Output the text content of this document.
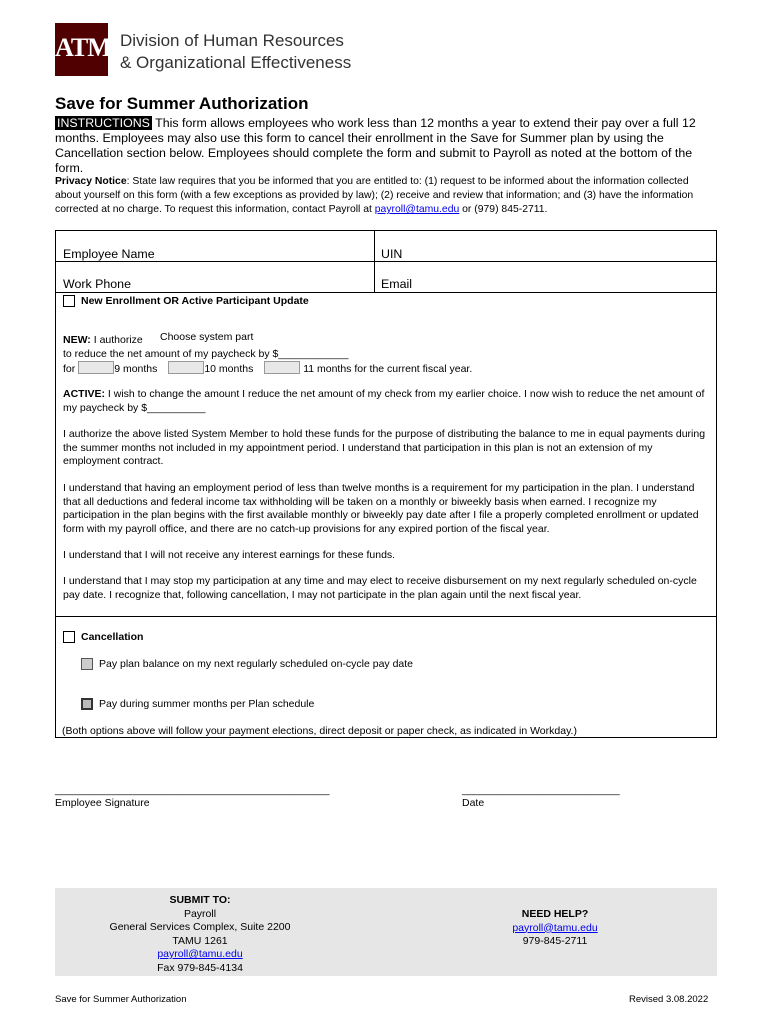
ATM Division of Human Resources
& Organizational Effectiveness
Save for Summer Authorization
INSTRUCTIONS This form allows employees who work less than 12 months a year to extend their pay over a full 12 months. Employees may also use this form to cancel their enrollment in the Save for Summer plan by using the Cancellation section below. Employees should complete the form and submit to Payroll as noted at the bottom of the form.
Privacy Notice: State law requires that you be informed that you are entitled to: (1) request to be informed about the information collected about yourself on this form (with a few exceptions as provided by law); (2) receive and review that information; and (3) have the information corrected at no charge. To request this information, contact Payroll at payroll@tamu.edu or (979) 845-2711.
Employee Name	UIN
Work Phone	Email
New Enrollment OR Active Participant Update
NEW: I authorize Choose system part
to reduce the net amount of my paycheck by $____________
for	9 months	10 months	11 months for the current fiscal year.
ACTIVE: I wish to change the amount I reduce the net amount of my check from my earlier choice. I now wish to reduce the net amount of my paycheck by $__________
I authorize the above listed System Member to hold these funds for the purpose of distributing the balance to me in equal payments during the summer months not included in my appointment period. I understand that participation in this plan is not an extension of my employment contract.
I understand that having an employment period of less than twelve months is a requirement for my participation in the plan. I understand that all deductions and federal income tax withholding will be taken on a monthly or biweekly basis when earned. I recognize my participation in the plan begins with the first available monthly or biweekly pay date after I file a properly completed enrollment or updated form with my payroll office, and there are no catch-up provisions for any expired portion of the fiscal year.
I understand that I will not receive any interest earnings for these funds.
I understand that I may stop my participation at any time and may elect to receive disbursement on my next regularly scheduled on-cycle pay date. I recognize that, following cancellation, I may not participate in the plan again until the next fiscal year.
Cancellation
Pay plan balance on my next regularly scheduled on-cycle pay date
Pay during summer months per Plan schedule
(Both options above will follow your payment elections, direct deposit or paper check, as indicated in Workday.)
_______________________________________________
Employee Signature
___________________________
Date
SUBMIT TO:
Payroll
General Services Complex, Suite 2200
TAMU 1261
payroll@tamu.edu
Fax 979-845-4134
NEED HELP?
payroll@tamu.edu
979-845-2711
Save for Summer Authorization	Revised 3.08.2022
